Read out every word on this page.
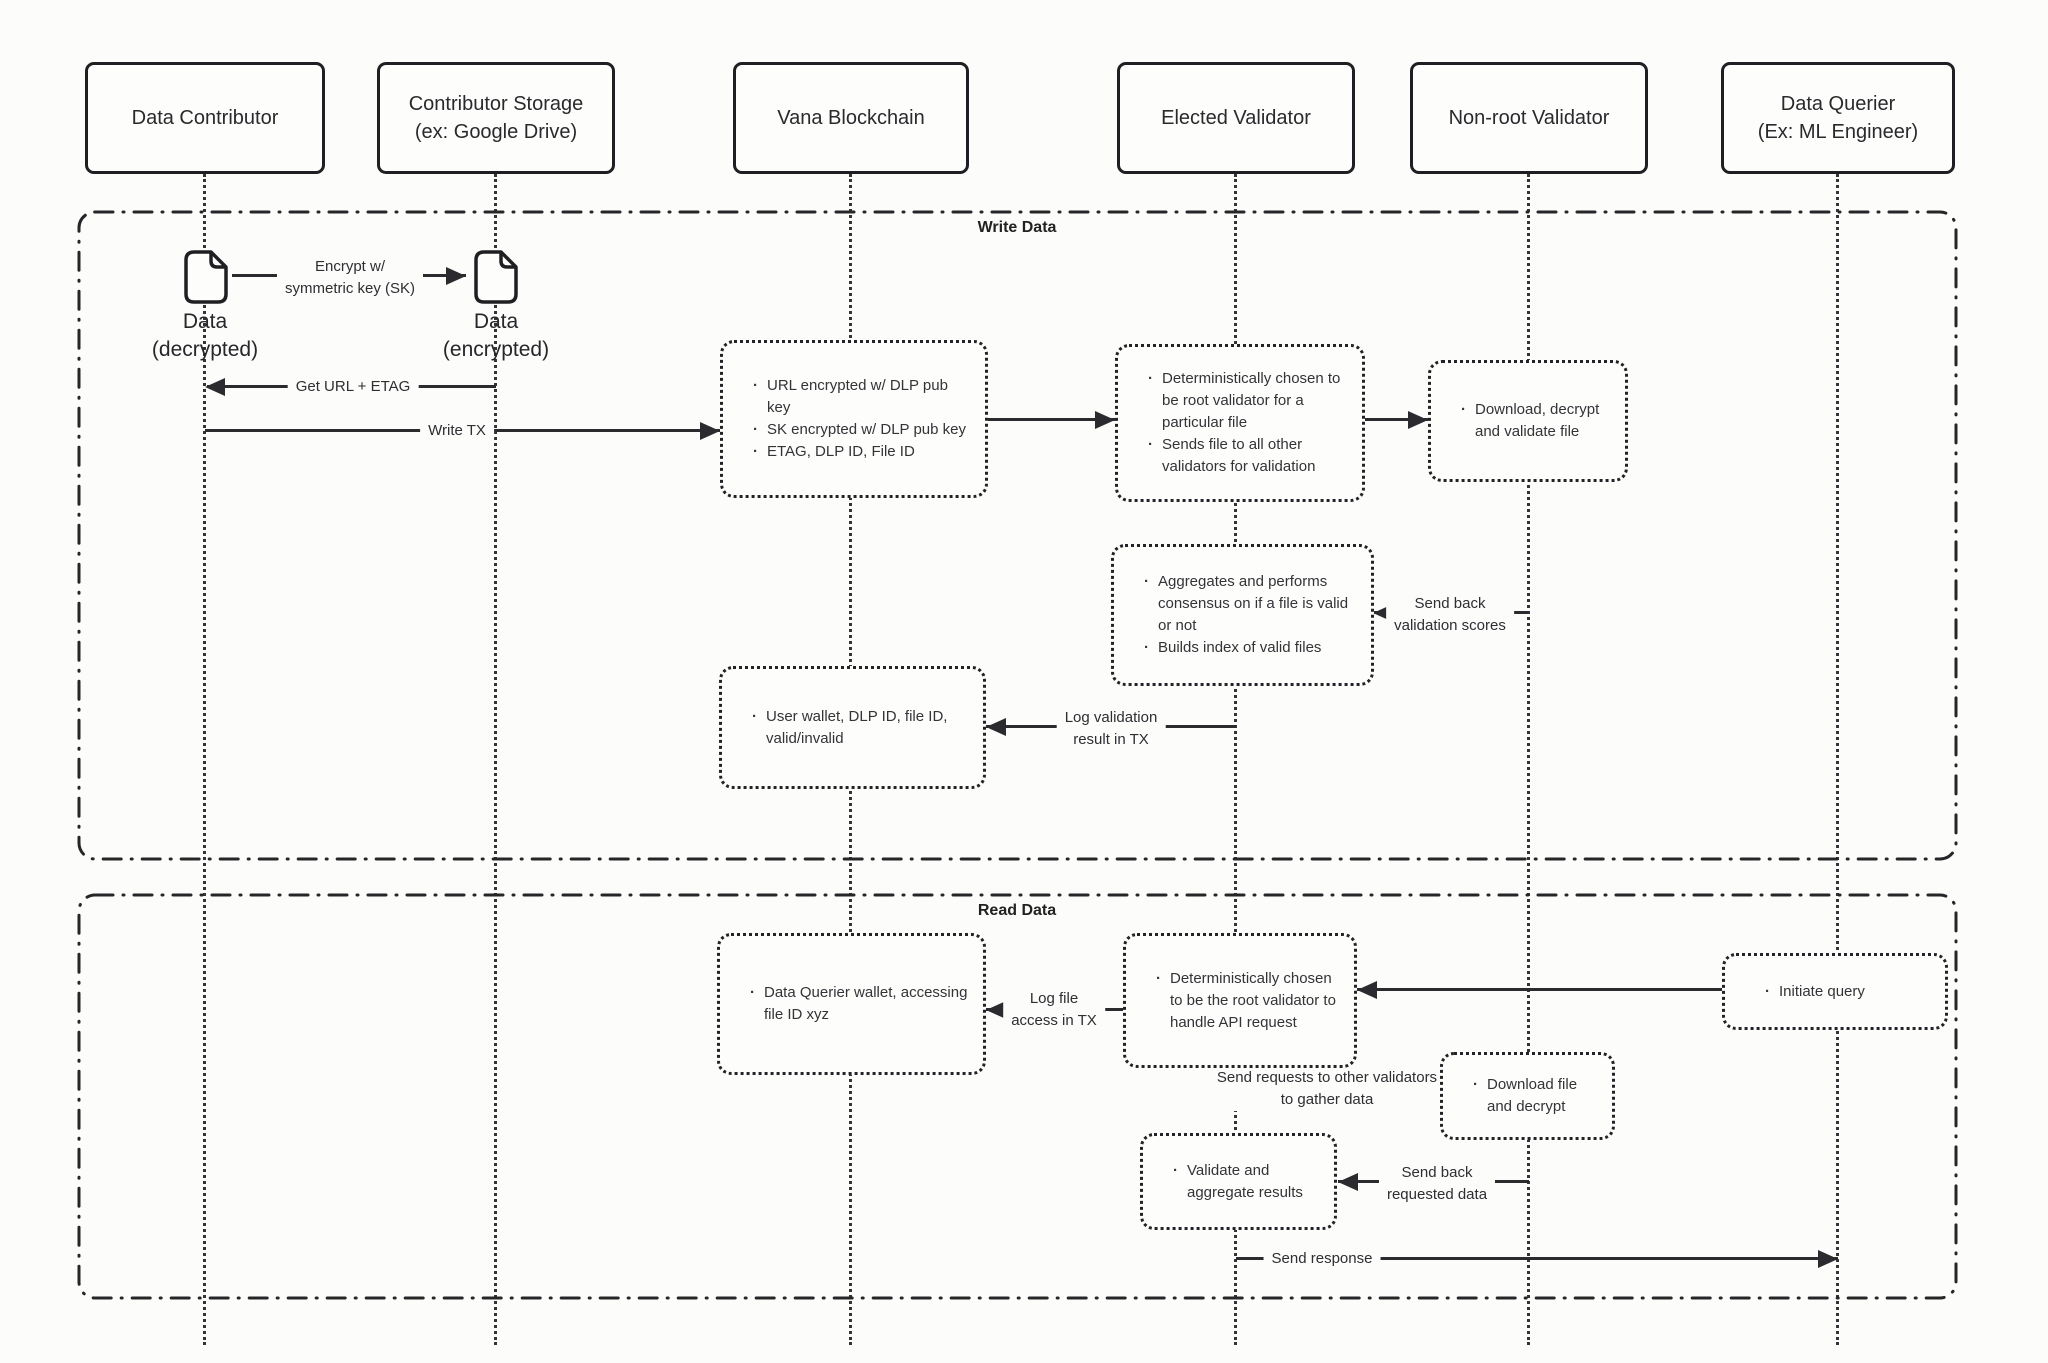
Write Data
Read Data
Data Contributor
Contributor Storage
(ex: Google Drive)
Vana Blockchain	Elected Validator	Non-root Validator
Data Querier
(Ex: ML Engineer)
Data
(decrypted)
Data
(encrypted)
Encrypt w/
symmetric key (SK)
Get URL + ETAG
Write TX
Send back
validation scores
Log validation
result in TX
· URL encrypted w/ DLP pub key
· SK encrypted w/ DLP pub key
· ETAG, DLP ID, File ID
· Deterministically chosen to be root validator for a particular file
· Sends file to all other validators for validation
· Download, decrypt and validate file
· Aggregates and performs consensus on if a file is valid or not
· Builds index of valid files
· User wallet, DLP ID, file ID, valid/invalid
Log file
access in TX
Send requests to other validators
to gather data
Send back
requested data
Send response
· Data Querier wallet, accessing file ID xyz
· Deterministically chosen to be the root validator to handle API request
· Initiate query
· Download file and decrypt
· Validate and aggregate results
